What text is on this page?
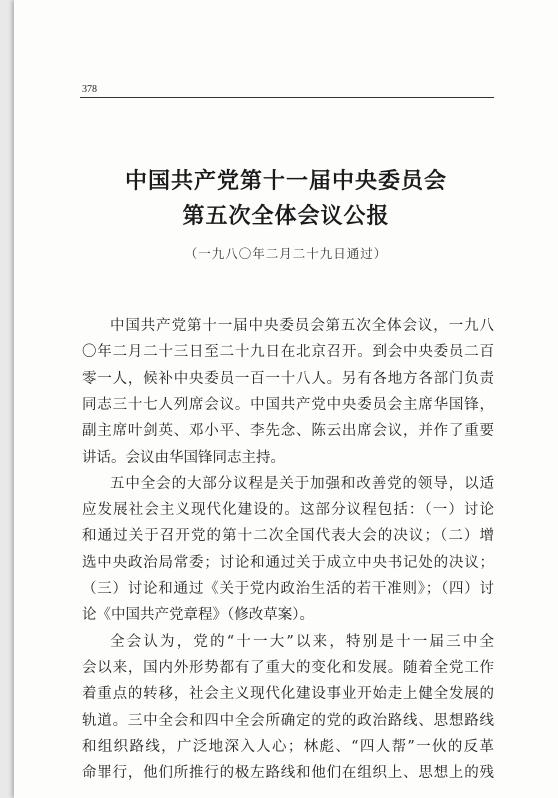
378
中国共产党第十一届中央委员会
第五次全体会议公报
（一九八〇年二月二十九日通过）
中国共产党第十一届中央委员会第五次全体会议，一九八
〇年二月二十三日至二十九日在北京召开。到会中央委员二百
零一人，候补中央委员一百一十八人。另有各地方各部门负责
同志三十七人列席会议。中国共产党中央委员会主席华国锋，
副主席叶剑英、邓小平、李先念、陈云出席会议，并作了重要
讲话。会议由华国锋同志主持。
五中全会的大部分议程是关于加强和改善党的领导，以适
应发展社会主义现代化建设的。这部分议程包括：（一）讨论
和通过关于召开党的第十二次全国代表大会的决议；（二）增
选中央政治局常委；讨论和通过关于成立中央书记处的决议；
（三）讨论和通过《关于党内政治生活的若干准则》；（四）讨
论《中国共产党章程》（修改草案）。
全会认为，党的“十一大”以来，特别是十一届三中全
会以来，国内外形势都有了重大的变化和发展。随着全党工作
着重点的转移，社会主义现代化建设事业开始走上健全发展的
轨道。三中全会和四中全会所确定的党的政治路线、思想路线
和组织路线，广泛地深入人心；林彪、“四人帮”一伙的反革
命罪行，他们所推行的极左路线和他们在组织上、思想上的残
